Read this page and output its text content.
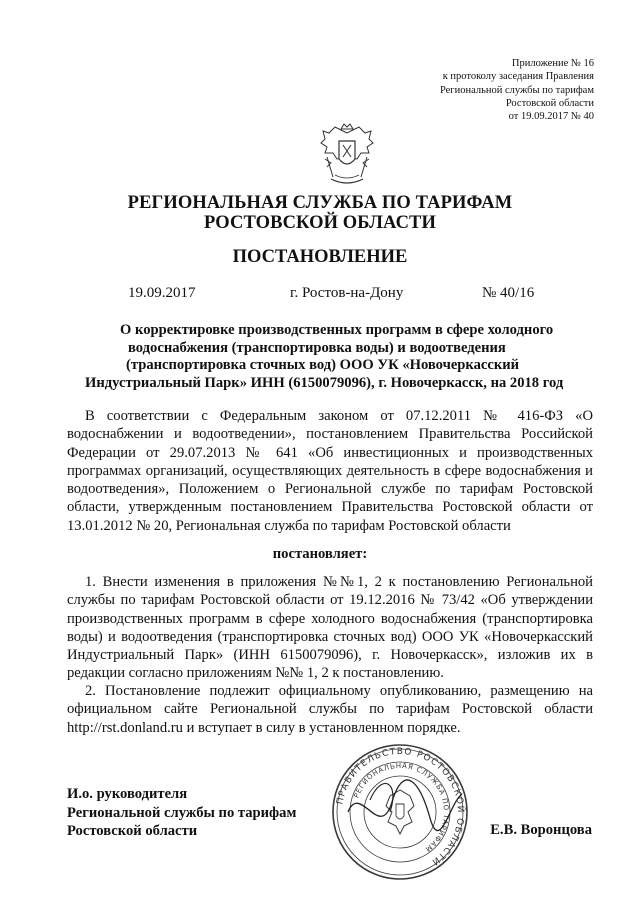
Приложение № 16
к протоколу заседания Правления
Региональной службы по тарифам
Ростовской области
от 19.09.2017 № 40
РЕГИОНАЛЬНАЯ СЛУЖБА ПО ТАРИФАМ
РОСТОВСКОЙ ОБЛАСТИ
ПОСТАНОВЛЕНИЕ
19.09.2017	г. Ростов-на-Дону	№ 40/16
О корректировке производственных программ в сфере холодного
водоснабжения (транспортировка воды) и водоотведения
(транспортировка сточных вод) ООО УК «Новочеркасский
Индустриальный Парк» ИНН (6150079096), г. Новочеркасск, на 2018 год
В соответствии с Федеральным законом от 07.12.2011 № 416-ФЗ «О водоснабжении и водоотведении», постановлением Правительства Российской Федерации от 29.07.2013 № 641 «Об инвестиционных и производственных программах организаций, осуществляющих деятельность в сфере водоснабжения и водоотведения», Положением о Региональной службе по тарифам Ростовской области, утвержденным постановлением Правительства Ростовской области от 13.01.2012 № 20, Региональная служба по тарифам Ростовской области
постановляет:
1. Внести изменения в приложения №№1, 2 к постановлению Региональной службы по тарифам Ростовской области от 19.12.2016 № 73/42 «Об утверждении производственных программ в сфере холодного водоснабжения (транспортировка воды) и водоотведения (транспортировка сточных вод) ООО УК «Новочеркасский Индустриальный Парк» (ИНН 6150079096), г. Новочеркасск», изложив их в редакции согласно приложениям №№ 1, 2 к постановлению.
2. Постановление подлежит официальному опубликованию, размещению на официальном сайте Региональной службы по тарифам Ростовской области http://rst.donland.ru и вступает в силу в установленном порядке.
ПРАВИТЕЛЬСТВО РОСТОВСКОЙ ОБЛАСТИ
РЕГИОНАЛЬНАЯ СЛУЖБА ПО ТАРИФАМ
И.о. руководителя
Региональной службы по тарифам
Ростовской области	Е.В. Воронцова
